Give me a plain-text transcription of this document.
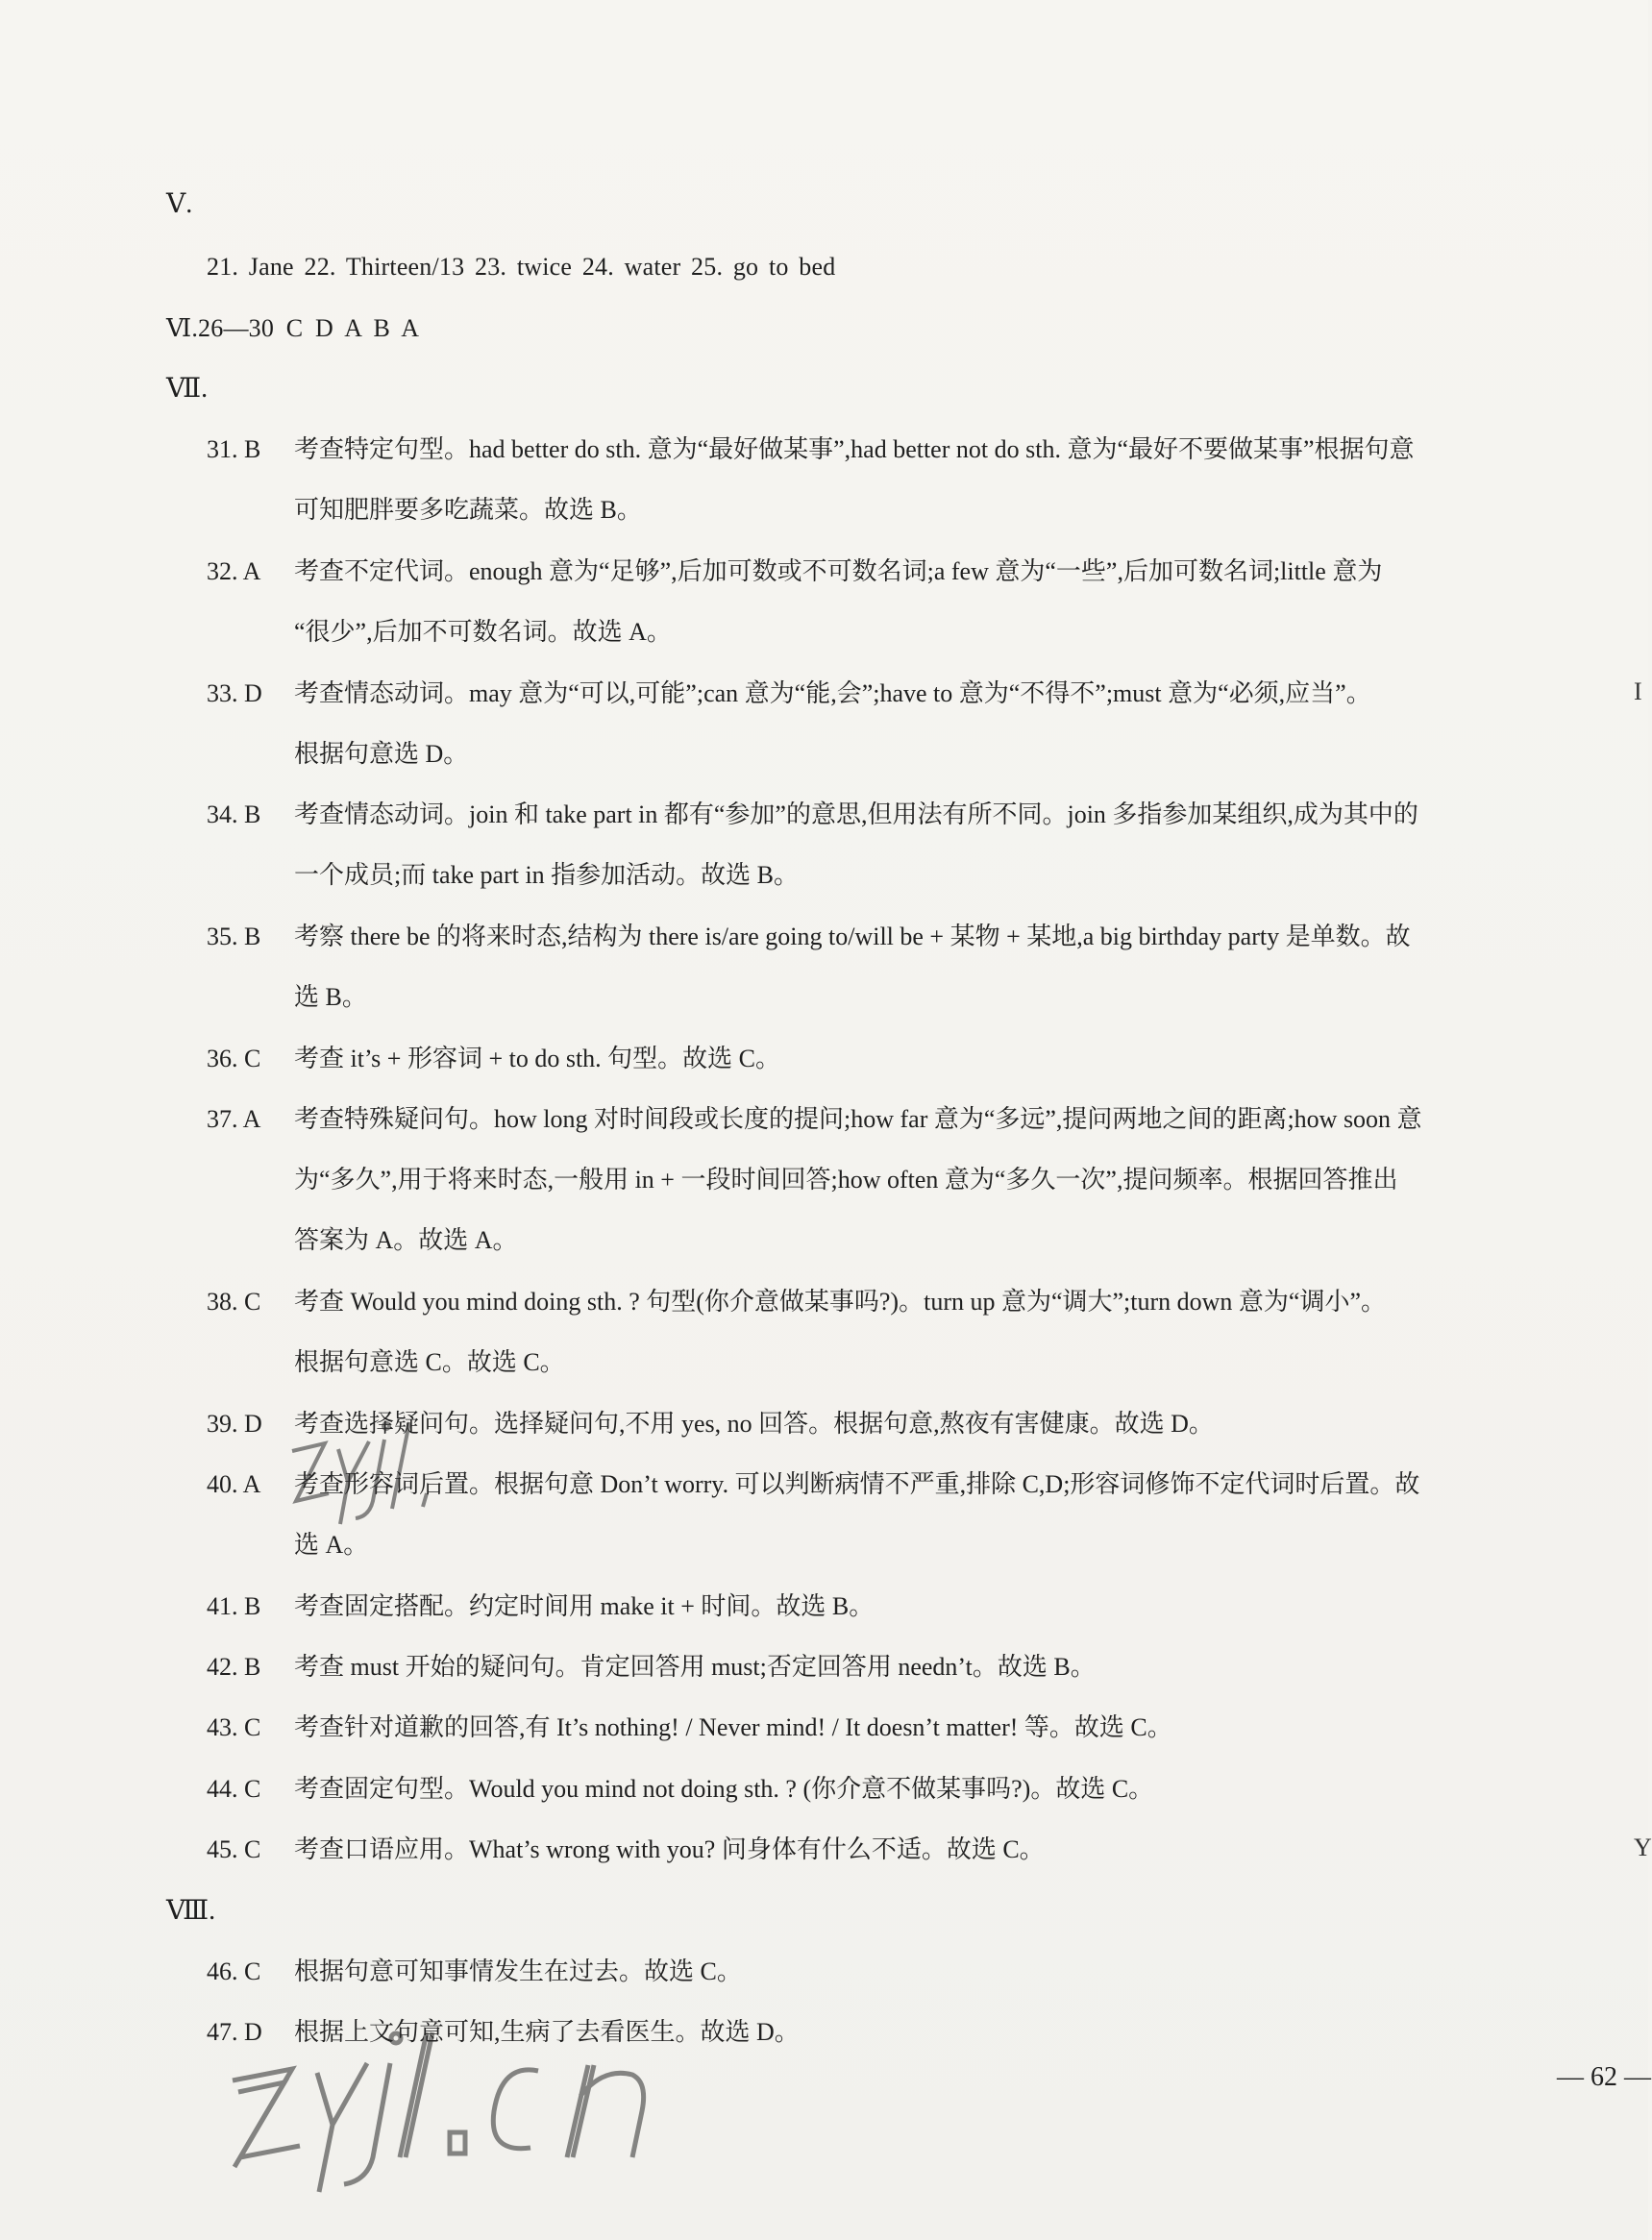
Ⅴ.
21. Jane 22. Thirteen/13 23. twice 24. water 25. go to bed
Ⅵ.26—30 C D A B A
Ⅶ.
31. B 考查特定句型。had better do sth. 意为“最好做某事”,had better not do sth. 意为“最好不要做某事”根据句意
可知肥胖要多吃蔬菜。故选 B。
32. A 考查不定代词。enough 意为“足够”,后加可数或不可数名词;a few 意为“一些”,后加可数名词;little 意为
“很少”,后加不可数名词。故选 A。
33. D 考查情态动词。may 意为“可以,可能”;can 意为“能,会”;have to 意为“不得不”;must 意为“必须,应当”。
根据句意选 D。
34. B 考查情态动词。join 和 take part in 都有“参加”的意思,但用法有所不同。join 多指参加某组织,成为其中的
一个成员;而 take part in 指参加活动。故选 B。
35. B 考察 there be 的将来时态,结构为 there is/are going to/will be + 某物 + 某地,a big birthday party 是单数。故
选 B。
36. C 考查 it’s + 形容词 + to do sth. 句型。故选 C。
37. A 考查特殊疑问句。how long 对时间段或长度的提问;how far 意为“多远”,提问两地之间的距离;how soon 意
为“多久”,用于将来时态,一般用 in + 一段时间回答;how often 意为“多久一次”,提问频率。根据回答推出
答案为 A。故选 A。
38. C 考查 Would you mind doing sth. ? 句型(你介意做某事吗?)。turn up 意为“调大”;turn down 意为“调小”。
根据句意选 C。故选 C。
39. D 考查选择疑问句。选择疑问句,不用 yes, no 回答。根据句意,熬夜有害健康。故选 D。
40. A 考查形容词后置。根据句意 Don’t worry. 可以判断病情不严重,排除 C,D;形容词修饰不定代词时后置。故
选 A。
41. B 考查固定搭配。约定时间用 make it + 时间。故选 B。
42. B 考查 must 开始的疑问句。肯定回答用 must;否定回答用 needn’t。故选 B。
43. C 考查针对道歉的回答,有 It’s nothing! / Never mind! / It doesn’t matter! 等。故选 C。
44. C 考查固定句型。Would you mind not doing sth. ? (你介意不做某事吗?)。故选 C。
45. C 考查口语应用。What’s wrong with you? 问身体有什么不适。故选 C。
Ⅷ.
46. C 根据句意可知事情发生在过去。故选 C。
47. D 根据上文句意可知,生病了去看医生。故选 D。
— 62 —
I
Y
